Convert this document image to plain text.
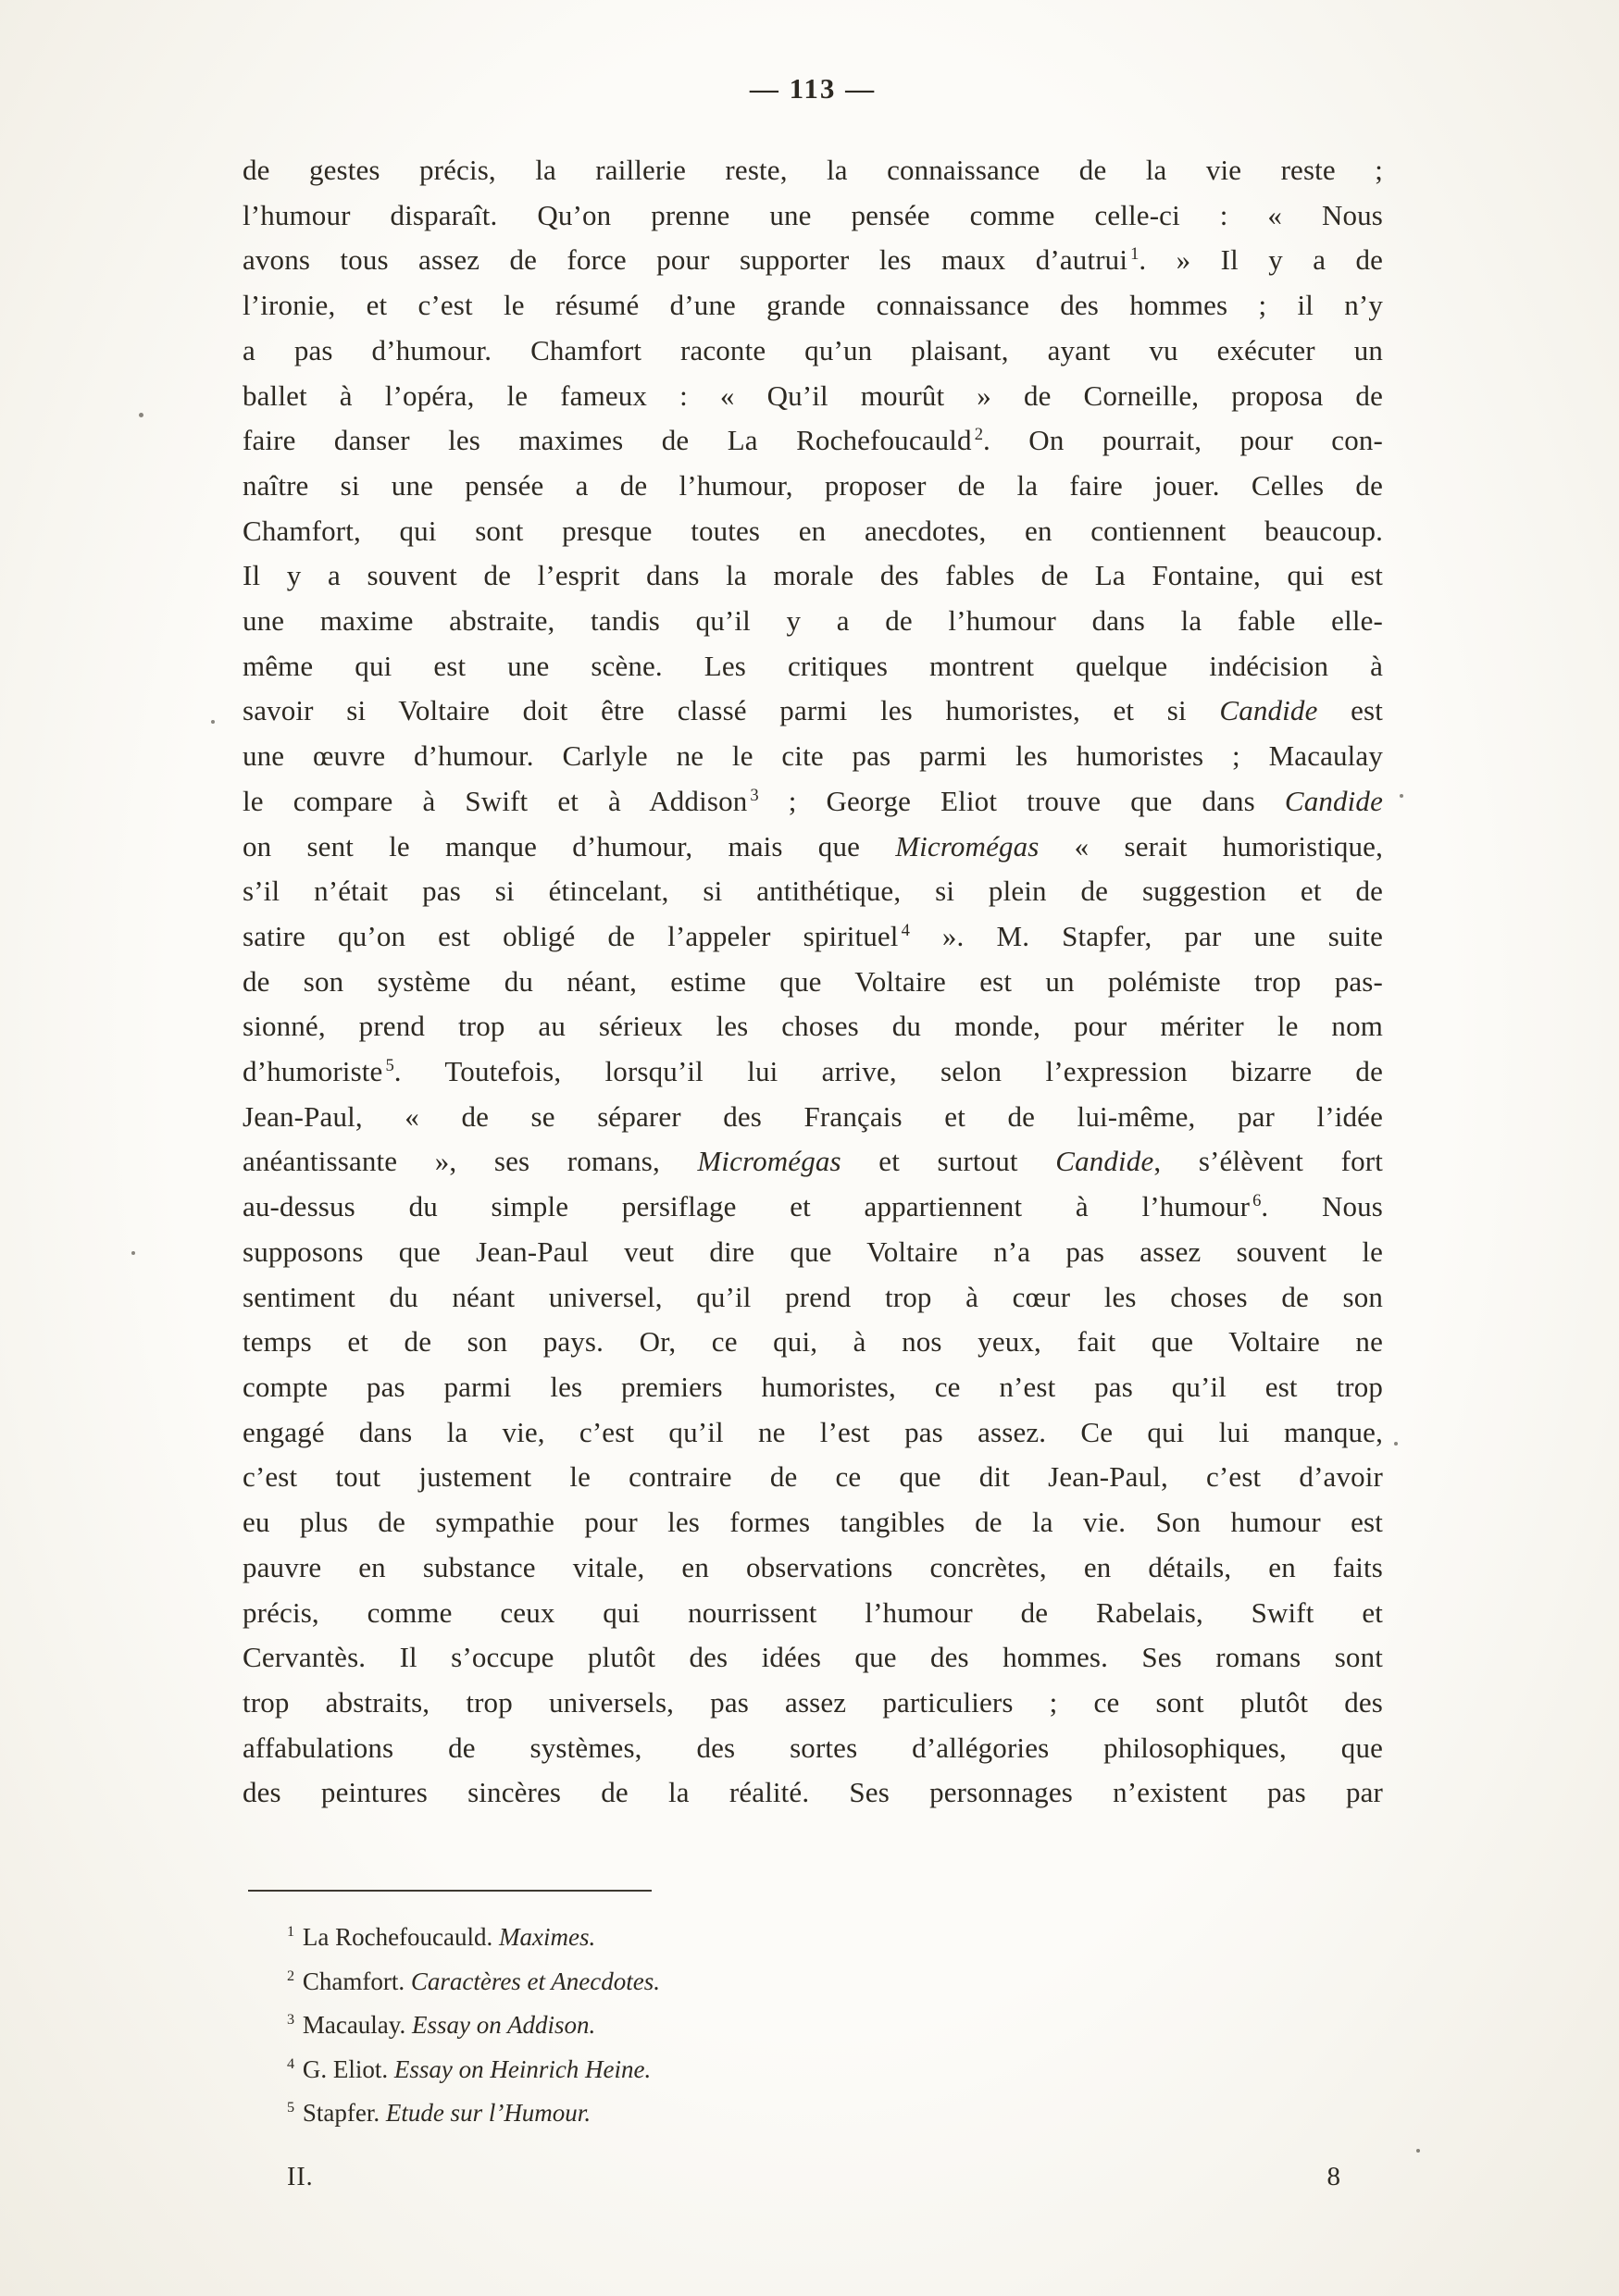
— 113 —
de gestes précis, la raillerie reste, la connaissance de la vie reste ;
l’humour disparaît. Qu’on prenne une pensée comme celle-ci : « Nous
avons tous assez de force pour supporter les maux d’autrui $^1$. » Il y a de
l’ironie, et c’est le résumé d’une grande connaissance des hommes ; il n’y
a pas d’humour. Chamfort raconte qu’un plaisant, ayant vu exécuter un
ballet à l’opéra, le fameux : « Qu’il mourût » de Corneille, proposa de
faire danser les maximes de La Rochefoucauld $^2$. On pourrait, pour con-
naître si une pensée a de l’humour, proposer de la faire jouer. Celles de
Chamfort, qui sont presque toutes en anecdotes, en contiennent beaucoup.
Il y a souvent de l’esprit dans la morale des fables de La Fontaine, qui est
une maxime abstraite, tandis qu’il y a de l’humour dans la fable elle-
même qui est une scène. Les critiques montrent quelque indécision à
savoir si Voltaire doit être classé parmi les humoristes, et si Candide est
une œuvre d’humour. Carlyle ne le cite pas parmi les humoristes ; Macaulay
le compare à Swift et à Addison $^3$ ; George Eliot trouve que dans Candide
on sent le manque d’humour, mais que Micromégas « serait humoristique,
s’il n’était pas si étincelant, si antithétique, si plein de suggestion et de
satire qu’on est obligé de l’appeler spirituel $^4$ ». M. Stapfer, par une suite
de son système du néant, estime que Voltaire est un polémiste trop pas-
sionné, prend trop au sérieux les choses du monde, pour mériter le nom
d’humoriste $^5$. Toutefois, lorsqu’il lui arrive, selon l’expression bizarre de
Jean-Paul, « de se séparer des Français et de lui-même, par l’idée
anéantissante », ses romans, Micromégas et surtout Candide, s’élèvent fort
au-dessus du simple persiflage et appartiennent à l’humour $^6$. Nous
supposons que Jean-Paul veut dire que Voltaire n’a pas assez souvent le
sentiment du néant universel, qu’il prend trop à cœur les choses de son
temps et de son pays. Or, ce qui, à nos yeux, fait que Voltaire ne
compte pas parmi les premiers humoristes, ce n’est pas qu’il est trop
engagé dans la vie, c’est qu’il ne l’est pas assez. Ce qui lui manque,
c’est tout justement le contraire de ce que dit Jean-Paul, c’est d’avoir
eu plus de sympathie pour les formes tangibles de la vie. Son humour est
pauvre en substance vitale, en observations concrètes, en détails, en faits
précis, comme ceux qui nourrissent l’humour de Rabelais, Swift et
Cervantès. Il s’occupe plutôt des idées que des hommes. Ses romans sont
trop abstraits, trop universels, pas assez particuliers ; ce sont plutôt des
affabulations de systèmes, des sortes d’allégories philosophiques, que
des peintures sincères de la réalité. Ses personnages n’existent pas par
$^1$ La Rochefoucauld. Maximes.
$^2$ Chamfort. Caractères et Anecdotes.
$^3$ Macaulay. Essay on Addison.
$^4$ G. Eliot. Essay on Heinrich Heine.
$^5$ Stapfer. Etude sur l’Humour.
II.	8
